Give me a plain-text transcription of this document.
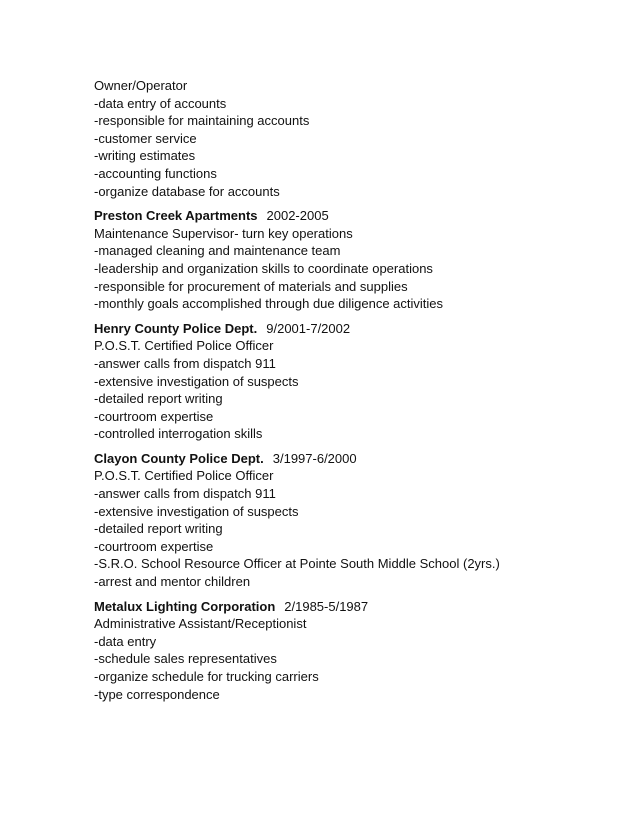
Owner/Operator
-data entry of accounts
-responsible for maintaining accounts
-customer service
-writing estimates
-accounting functions
-organize database for accounts
Preston Creek Apartments 2002-2005
Maintenance Supervisor- turn key operations
-managed cleaning and maintenance team
-leadership and organization skills to coordinate operations
-responsible for procurement of materials and supplies
-monthly goals accomplished through due diligence activities
Henry County Police Dept. 9/2001-7/2002
P.O.S.T. Certified Police Officer
-answer calls from dispatch 911
-extensive investigation of suspects
-detailed report writing
-courtroom expertise
-controlled interrogation skills
Clayon County Police Dept. 3/1997-6/2000
P.O.S.T. Certified Police Officer
-answer calls from dispatch 911
-extensive investigation of suspects
-detailed report writing
-courtroom expertise
-S.R.O. School Resource Officer at Pointe South Middle School (2yrs.)
-arrest and mentor children
Metalux Lighting Corporation 2/1985-5/1987
Administrative Assistant/Receptionist
-data entry
-schedule sales representatives
-organize schedule for trucking carriers
-type correspondence
